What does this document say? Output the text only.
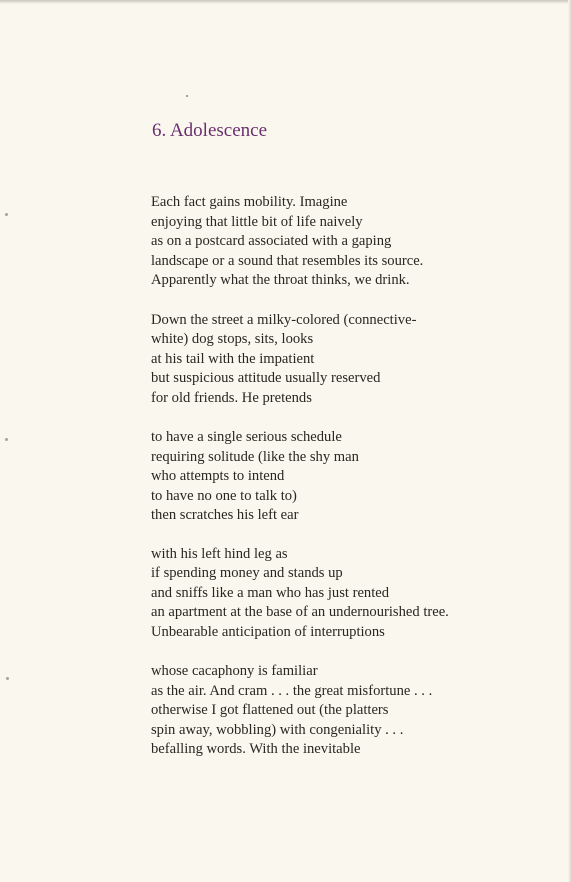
6. Adolescence
Each fact gains mobility. Imagine
enjoying that little bit of life naively
as on a postcard associated with a gaping
landscape or a sound that resembles its source.
Apparently what the throat thinks, we drink.
Down the street a milky-colored (connective-
white) dog stops, sits, looks
at his tail with the impatient
but suspicious attitude usually reserved
for old friends. He pretends
to have a single serious schedule
requiring solitude (like the shy man
who attempts to intend
to have no one to talk to)
then scratches his left ear
with his left hind leg as
if spending money and stands up
and sniffs like a man who has just rented
an apartment at the base of an undernourished tree.
Unbearable anticipation of interruptions
whose cacaphony is familiar
as the air. And cram . . . the great misfortune . . .
otherwise I got flattened out (the platters
spin away, wobbling) with congeniality . . .
befalling words. With the inevitable
